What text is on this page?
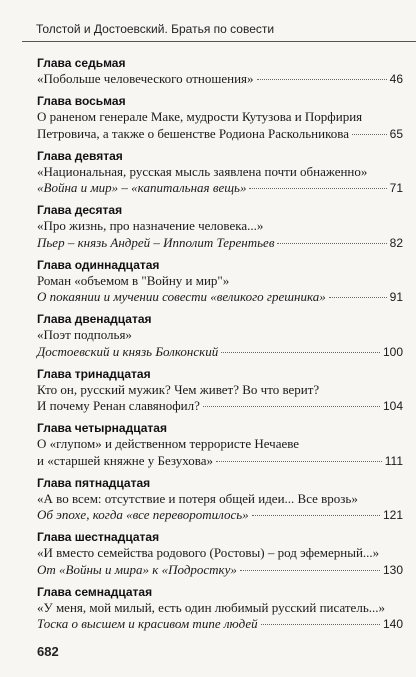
Толстой и Достоевский. Братья по совести
Глава седьмая
«Побольше человеческого отношения»	46
Глава восьмая
О раненом генерале Маке, мудрости Кутузова и Порфирия
Петровича, а также о бешенстве Родиона Раскольникова	65
Глава девятая
«Национальная, русская мысль заявлена почти обнаженно»
«Война и мир» – «капитальная вещь»	71
Глава десятая
«Про жизнь, про назначение человека...»
Пьер – князь Андрей – Ипполит Терентьев	82
Глава одиннадцатая
Роман «объемом в "Войну и мир"»
О покаянии и мучении совести «великого грешника»	91
Глава двенадцатая
«Поэт подполья»
Достоевский и князь Болконский	100
Глава тринадцатая
Кто он, русский мужик? Чем живет? Во что верит?
И почему Ренан славянофил?	104
Глава четырнадцатая
О «глупом» и действенном террористе Нечаеве
и «старшей княжне у Безухова»	111
Глава пятнадцатая
«А во всем: отсутствие и потеря общей идеи... Все врозь»
Об эпохе, когда «все переворотилось»	121
Глава шестнадцатая
«И вместо семейства родового (Ростовы) – род эфемерный...»
От «Войны и мира» к «Подростку»	130
Глава семнадцатая
«У меня, мой милый, есть один любимый русский писатель...»
Тоска о высшем и красивом типе людей	140
682
